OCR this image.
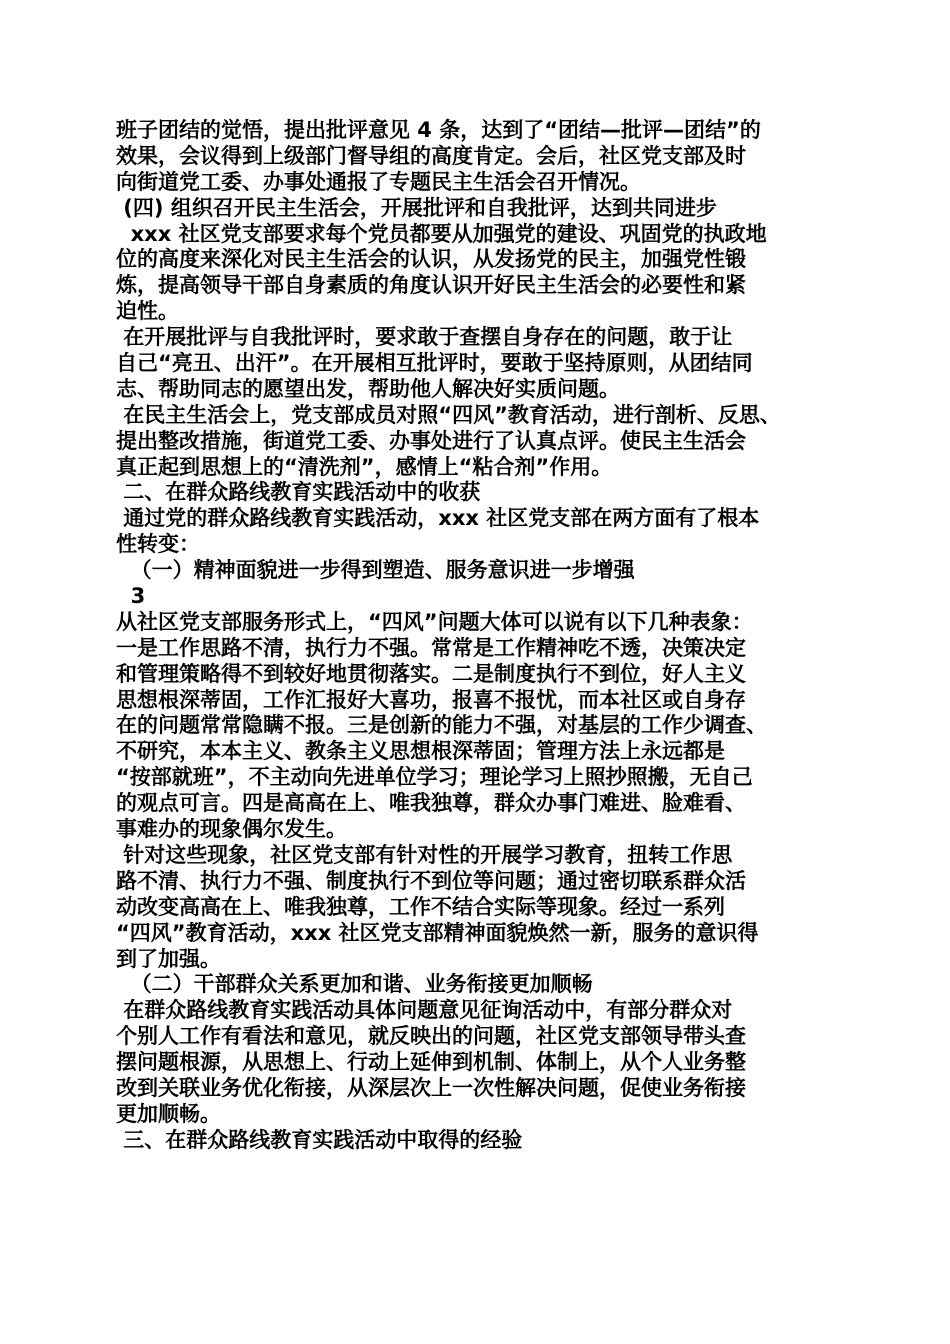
班子团结的觉悟，提出批评意见 4 条，达到了“团结—批评—团结”的
效果，会议得到上级部门督导组的高度肯定。会后，社区党支部及时
向街道党工委、办事处通报了专题民主生活会召开情况。
(四) 组织召开民主生活会，开展批评和自我批评，达到共同进步
xxx 社区党支部要求每个党员都要从加强党的建设、巩固党的执政地
位的高度来深化对民主生活会的认识，从发扬党的民主，加强党性锻
炼，提高领导干部自身素质的角度认识开好民主生活会的必要性和紧
迫性。
在开展批评与自我批评时，要求敢于查摆自身存在的问题，敢于让
自己“亮丑、出汗”。在开展相互批评时，要敢于坚持原则，从团结同
志、帮助同志的愿望出发，帮助他人解决好实质问题。
在民主生活会上，党支部成员对照“四风”教育活动，进行剖析、反思、
提出整改措施，街道党工委、办事处进行了认真点评。使民主生活会
真正起到思想上的“清洗剂”，感情上“粘合剂”作用。
二、在群众路线教育实践活动中的收获
通过党的群众路线教育实践活动，xxx 社区党支部在两方面有了根本
性转变：
（一）精神面貌进一步得到塑造、服务意识进一步增强
3
从社区党支部服务形式上，“四风”问题大体可以说有以下几种表象：
一是工作思路不清，执行力不强。常常是工作精神吃不透，决策决定
和管理策略得不到较好地贯彻落实。二是制度执行不到位，好人主义
思想根深蒂固，工作汇报好大喜功，报喜不报忧，而本社区或自身存
在的问题常常隐瞒不报。三是创新的能力不强，对基层的工作少调查、
不研究，本本主义、教条主义思想根深蒂固；管理方法上永远都是
“按部就班”，不主动向先进单位学习；理论学习上照抄照搬，无自己
的观点可言。四是高高在上、唯我独尊，群众办事门难进、脸难看、
事难办的现象偶尔发生。
针对这些现象，社区党支部有针对性的开展学习教育，扭转工作思
路不清、执行力不强、制度执行不到位等问题；通过密切联系群众活
动改变高高在上、唯我独尊，工作不结合实际等现象。经过一系列
“四风”教育活动，xxx 社区党支部精神面貌焕然一新，服务的意识得
到了加强。
（二）干部群众关系更加和谐、业务衔接更加顺畅
在群众路线教育实践活动具体问题意见征询活动中，有部分群众对
个别人工作有看法和意见，就反映出的问题，社区党支部领导带头查
摆问题根源，从思想上、行动上延伸到机制、体制上，从个人业务整
改到关联业务优化衔接，从深层次上一次性解决问题，促使业务衔接
更加顺畅。
三、在群众路线教育实践活动中取得的经验
